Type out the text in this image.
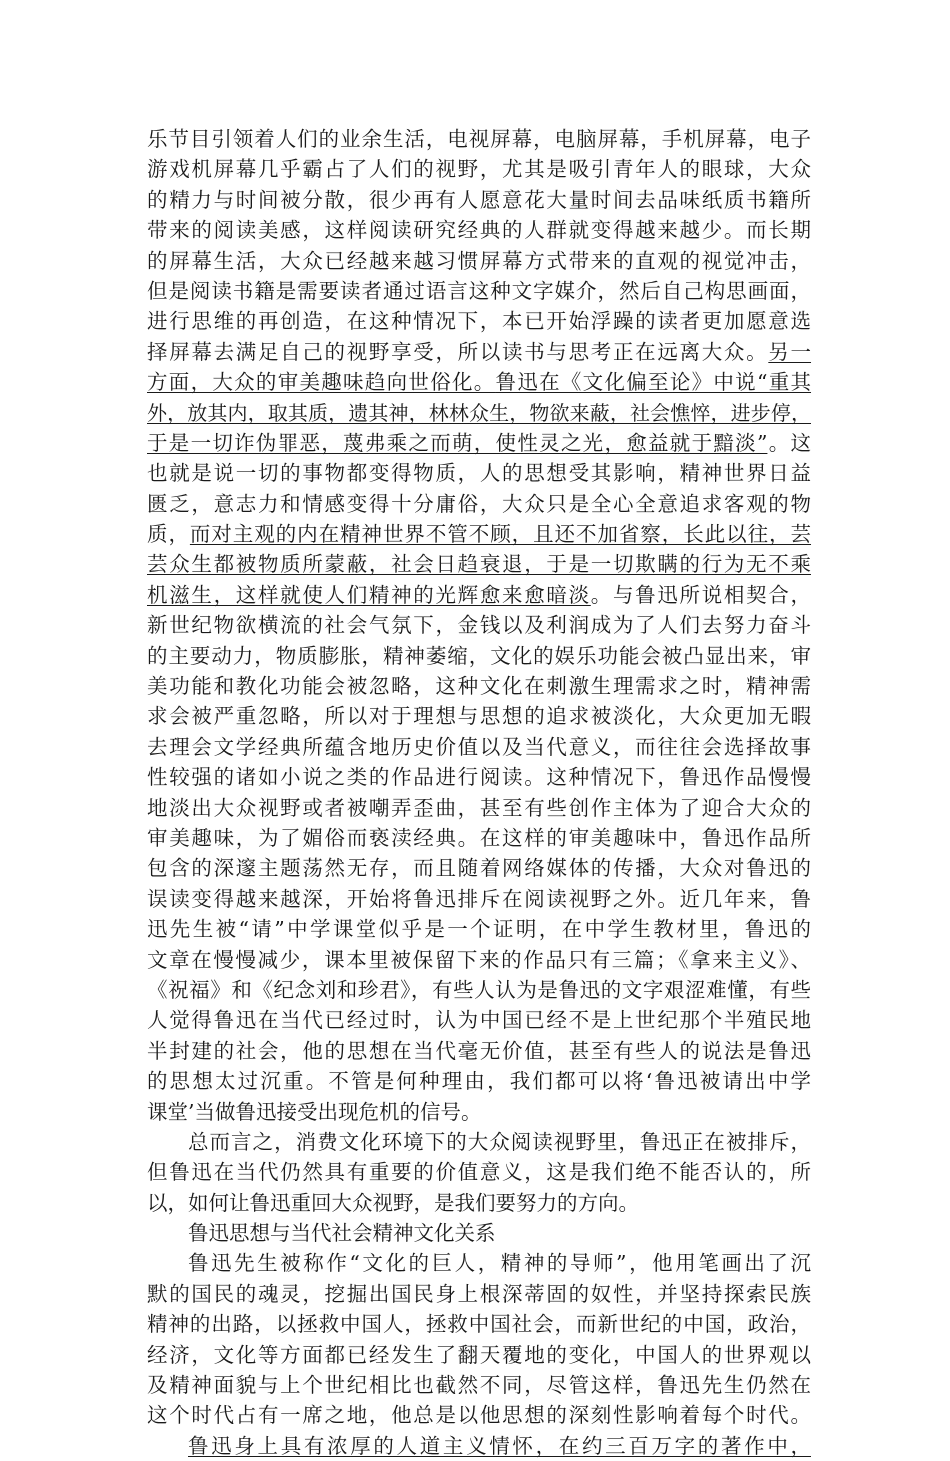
乐节目引领着人们的业余生活，电视屏幕，电脑屏幕，手机屏幕，电子
游戏机屏幕几乎霸占了人们的视野，尤其是吸引青年人的眼球，大众
的精力与时间被分散，很少再有人愿意花大量时间去品味纸质书籍所
带来的阅读美感，这样阅读研究经典的人群就变得越来越少。而长期
的屏幕生活，大众已经越来越习惯屏幕方式带来的直观的视觉冲击，
但是阅读书籍是需要读者通过语言这种文字媒介，然后自己构思画面，
进行思维的再创造，在这种情况下，本已开始浮躁的读者更加愿意选
择屏幕去满足自己的视野享受，所以读书与思考正在远离大众。另一
方面，大众的审美趣味趋向世俗化。鲁迅在《文化偏至论》中说“重其
外，放其内，取其质，遗其神，林林众生，物欲来蔽，社会憔悴，进步停，
于是一切诈伪罪恶，蔑弗乘之而萌，使性灵之光，愈益就于黯淡”。这
也就是说一切的事物都变得物质，人的思想受其影响，精神世界日益
匮乏，意志力和情感变得十分庸俗，大众只是全心全意追求客观的物
质，而对主观的内在精神世界不管不顾，且还不加省察，长此以往，芸
芸众生都被物质所蒙蔽，社会日趋衰退，于是一切欺瞒的行为无不乘
机滋生，这样就使人们精神的光辉愈来愈暗淡。与鲁迅所说相契合，
新世纪物欲横流的社会气氛下，金钱以及利润成为了人们去努力奋斗
的主要动力，物质膨胀，精神萎缩，文化的娱乐功能会被凸显出来，审
美功能和教化功能会被忽略，这种文化在刺激生理需求之时，精神需
求会被严重忽略，所以对于理想与思想的追求被淡化，大众更加无暇
去理会文学经典所蕴含地历史价值以及当代意义，而往往会选择故事
性较强的诸如小说之类的作品进行阅读。这种情况下，鲁迅作品慢慢
地淡出大众视野或者被嘲弄歪曲，甚至有些创作主体为了迎合大众的
审美趣味，为了媚俗而亵渎经典。在这样的审美趣味中，鲁迅作品所
包含的深邃主题荡然无存，而且随着网络媒体的传播，大众对鲁迅的
误读变得越来越深，开始将鲁迅排斥在阅读视野之外。近几年来，鲁
迅先生被“请”中学课堂似乎是一个证明，在中学生教材里，鲁迅的
文章在慢慢减少，课本里被保留下来的作品只有三篇；《拿来主义》、
《祝福》和《纪念刘和珍君》，有些人认为是鲁迅的文字艰涩难懂，有些
人觉得鲁迅在当代已经过时，认为中国已经不是上世纪那个半殖民地
半封建的社会，他的思想在当代毫无价值，甚至有些人的说法是鲁迅
的思想太过沉重。不管是何种理由，我们都可以将‘鲁迅被请出中学
课堂’当做鲁迅接受出现危机的信号。
总而言之，消费文化环境下的大众阅读视野里，鲁迅正在被排斥，
但鲁迅在当代仍然具有重要的价值意义，这是我们绝不能否认的，所
以，如何让鲁迅重回大众视野，是我们要努力的方向。
鲁迅思想与当代社会精神文化关系
鲁迅先生被称作“文化的巨人，精神的导师”，他用笔画出了沉
默的国民的魂灵，挖掘出国民身上根深蒂固的奴性，并坚持探索民族
精神的出路，以拯救中国人，拯救中国社会，而新世纪的中国，政治，
经济，文化等方面都已经发生了翻天覆地的变化，中国人的世界观以
及精神面貌与上个世纪相比也截然不同，尽管这样，鲁迅先生仍然在
这个时代占有一席之地，他总是以他思想的深刻性影响着每个时代。
鲁迅身上具有浓厚的人道主义情怀，在约三百万字的著作中，
